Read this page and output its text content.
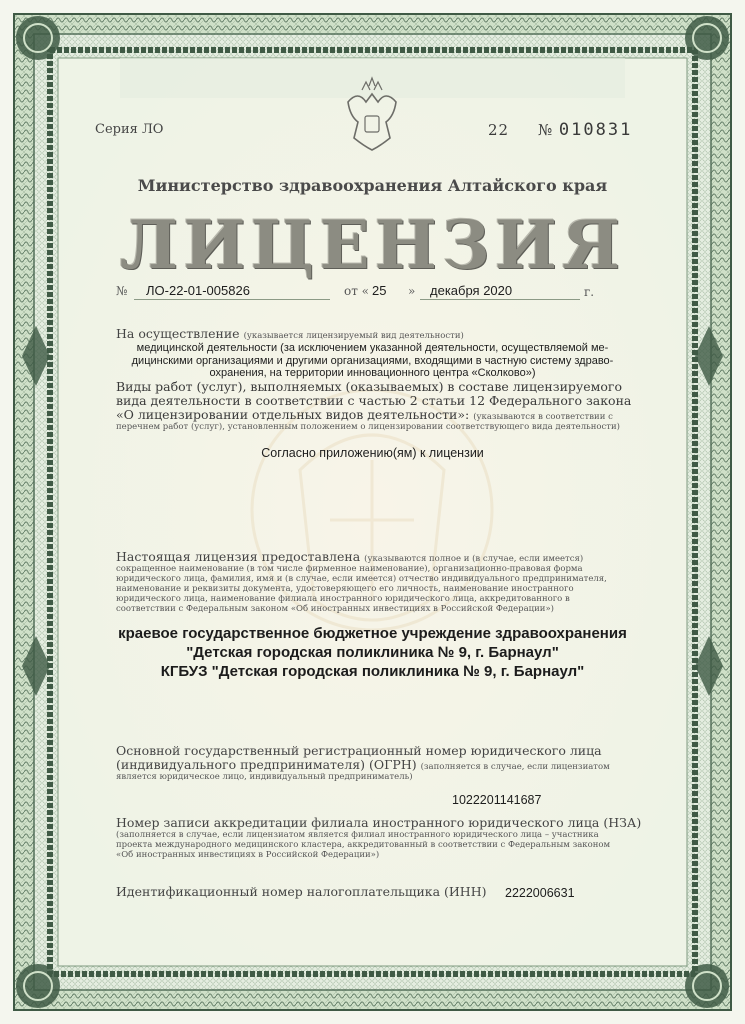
Серия ЛО	22 № 010831
Министерство здравоохранения Алтайского края
ЛИЦЕНЗИЯ
№ ЛО-22-01-005826	от « 25 » декабря 2020	г.
На осуществление (указывается лицензируемый вид деятельности)
медицинской деятельности (за исключением указанной деятельности, осуществляемой ме-
дицинскими организациями и другими организациями, входящими в частную систему здраво-
охранения, на территории инновационного центра «Сколково»)
Виды работ (услуг), выполняемых (оказываемых) в составе лицензируемого
вида деятельности в соответствии с частью 2 статьи 12 Федерального закона
«О лицензировании отдельных видов деятельности»: (указываются в соответствии с
перечнем работ (услуг), установленным положением о лицензировании соответствующего вида деятельности)
Согласно приложению(ям) к лицензии
Настоящая лицензия предоставлена (указываются полное и (в случае, если имеется)
сокращенное наименование (в том числе фирменное наименование), организационно-правовая форма
юридического лица, фамилия, имя и (в случае, если имеется) отчество индивидуального предпринимателя,
наименование и реквизиты документа, удостоверяющего его личность, наименование иностранного
юридического лица, наименование филиала иностранного юридического лица, аккредитованного в
соответствии с Федеральным законом «Об иностранных инвестициях в Российской Федерации»)
краевое государственное бюджетное учреждение здравоохранения
"Детская городская поликлиника № 9, г. Барнаул"
КГБУЗ "Детская городская поликлиника № 9, г. Барнаул"
Основной государственный регистрационный номер юридического лица
(индивидуального предпринимателя) (ОГРН) (заполняется в случае, если лицензиатом
является юридическое лицо, индивидуальный предприниматель)
1022201141687
Номер записи аккредитации филиала иностранного юридического лица (НЗА)
(заполняется в случае, если лицензиатом является филиал иностранного юридического лица – участника
проекта международного медицинского кластера, аккредитованный в соответствии с Федеральным законом
«Об иностранных инвестициях в Российской Федерации»)
Идентификационный номер налогоплательщика (ИНН) 2222006631
